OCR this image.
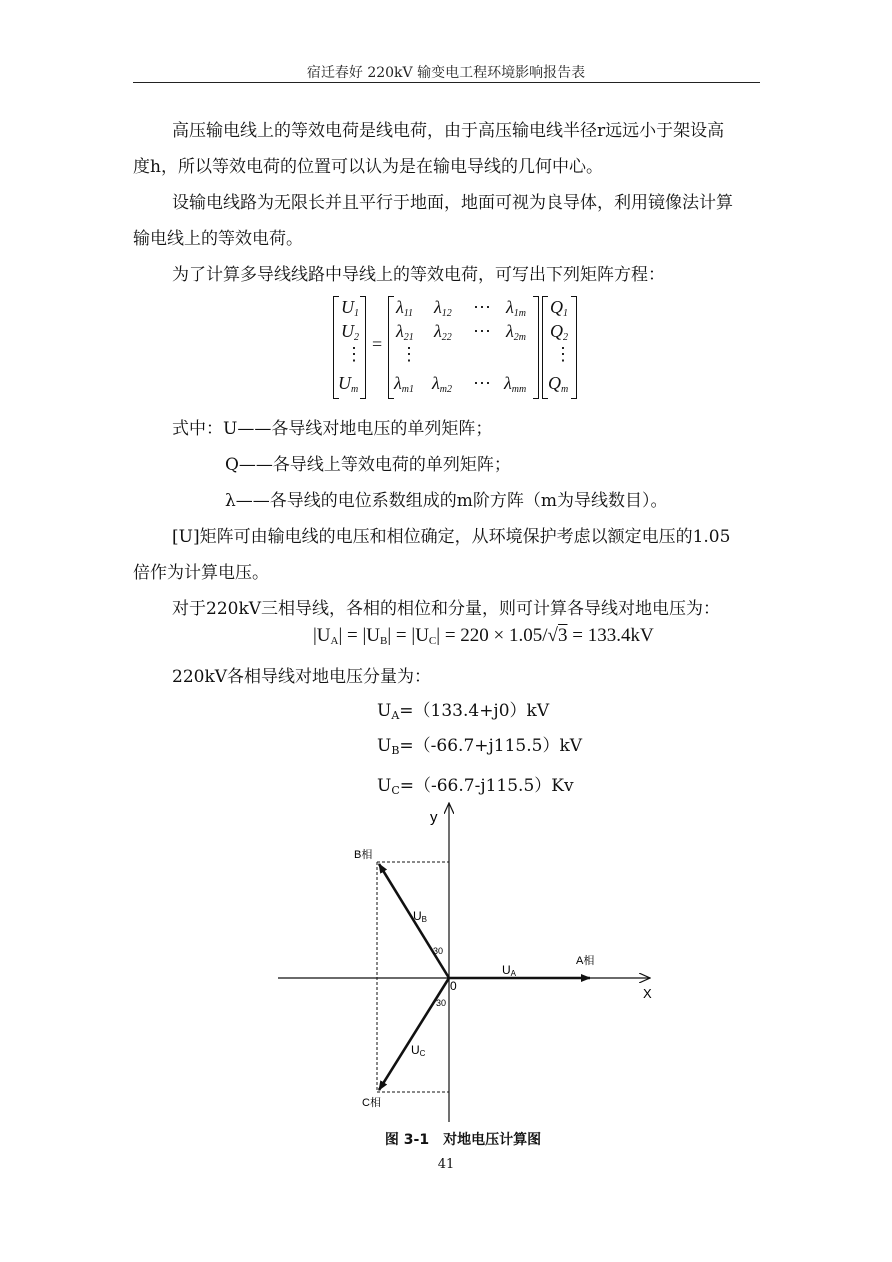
宿迁春好 220kV 输变电工程环境影响报告表
高压输电线上的等效电荷是线电荷，由于高压输电线半径r远远小于架设高
度h，所以等效电荷的位置可以认为是在输电导线的几何中心。
设输电线路为无限长并且平行于地面，地面可视为良导体，利用镜像法计算
输电线上的等效电荷。
为了计算多导线线路中导线上的等效电荷，可写出下列矩阵方程：
U1
U2
⋮
Um
=
λ11 λ12 ⋯ λ1m
λ21 λ22 ⋯ λ2m
⋮
λm1 λm2 ⋯ λmm
Q1
Q2
⋮
Qm
式中：U——各导线对地电压的单列矩阵；
Q——各导线上等效电荷的单列矩阵；
λ——各导线的电位系数组成的m阶方阵（m为导线数目）。
[U]矩阵可由输电线的电压和相位确定，从环境保护考虑以额定电压的1.05
倍作为计算电压。
对于220kV三相导线，各相的相位和分量，则可计算各导线对地电压为：
$|U_A| = |U_B| = |U_C| = 220 \times 1.05/√3 = 133.4kV$
220kV各相导线对地电压分量为：
$U_A=(133.4+j0)kV$
$U_B=(-66.7+j115.5)kV$
$U_C=(-66.7-j115.5)Kv$
y
X
0
A相
B相
C相
UA
UB
UC
30
30
图 3-1　对地电压计算图
41
